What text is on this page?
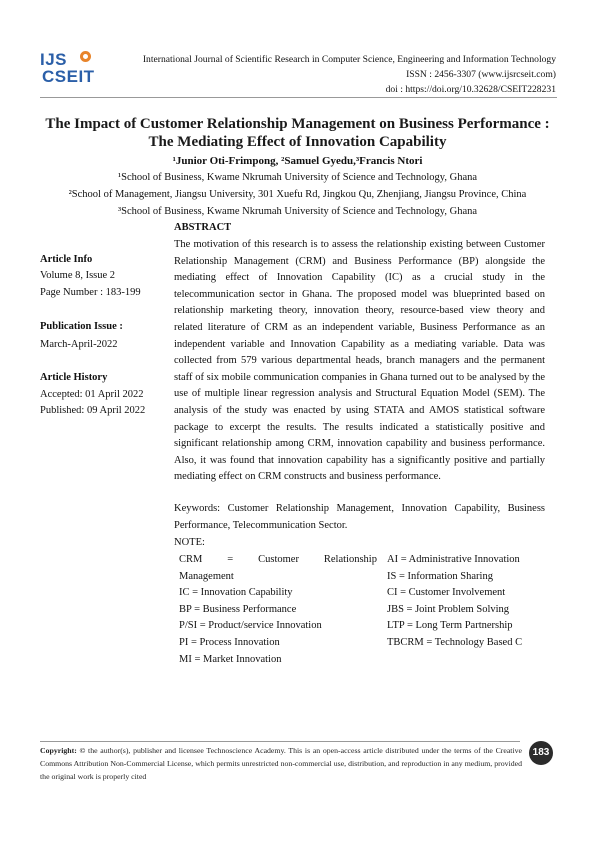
IJS
CSEIT
International Journal of Scientific Research in Computer Science, Engineering and Information Technology
ISSN : 2456-3307 (www.ijsrcseit.com)
doi : https://doi.org/10.32628/CSEIT228231
The Impact of Customer Relationship Management on Business Performance :
The Mediating Effect of Innovation Capability
¹Junior Oti-Frimpong, ²Samuel Gyedu,³Francis Ntori
¹School of Business, Kwame Nkrumah University of Science and Technology, Ghana
²School of Management, Jiangsu University, 301 Xuefu Rd, Jingkou Qu, Zhenjiang, Jiangsu Province, China
³School of Business, Kwame Nkrumah University of Science and Technology, Ghana
Article Info
Volume 8, Issue 2
Page Number : 183-199
Publication Issue :
March-April-2022
Article History
Accepted: 01 April 2022
Published: 09 April 2022
ABSTRACT
The motivation of this research is to assess the relationship existing between Customer Relationship Management (CRM) and Business Performance (BP) alongside the mediating effect of Innovation Capability (IC) as a crucial study in the telecommunication sector in Ghana. The proposed model was blueprinted based on relationship marketing theory, innovation theory, resource-based view theory and related literature of CRM as an independent variable, Business Performance as an independent variable and Innovation Capability as a mediating variable. Data was collected from 579 various departmental heads, branch managers and the permanent staff of six mobile communication companies in Ghana turned out to be analysed by the use of multiple linear regression analysis and Structural Equation Model (SEM). The analysis of the study was enacted by using STATA and AMOS statistical software package to excerpt the results. The results indicated a statistically positive and significant relationship among CRM, innovation capability and business performance. Also, it was found that innovation capability has a significantly positive and partially mediating effect on CRM constructs and business performance.
Keywords: Customer Relationship Management, Innovation Capability, Business Performance, Telecommunication Sector.
NOTE:
CRM = Customer Relationship
Management
IC = Innovation Capability
BP = Business Performance
P/SI = Product/service Innovation
PI = Process Innovation
MI = Market Innovation
AI = Administrative Innovation
IS = Information Sharing
CI = Customer Involvement
JBS = Joint Problem Solving
LTP = Long Term Partnership
TBCRM = Technology Based C
Copyright: © the author(s), publisher and licensee Technoscience Academy. This is an open-access article distributed under the terms of the Creative Commons Attribution Non-Commercial License, which permits unrestricted non-commercial use, distribution, and reproduction in any medium, provided the original work is properly cited
183
